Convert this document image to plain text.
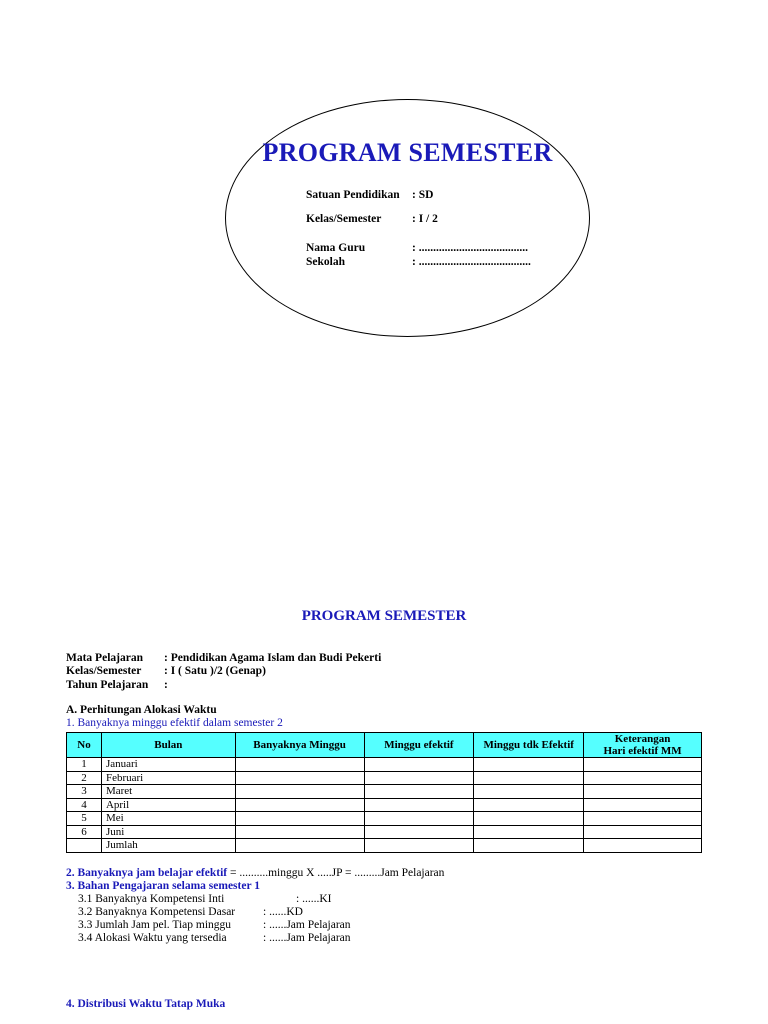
PROGRAM SEMESTER
Satuan Pendidikan : SD
Kelas/Semester	: I / 2
Nama Guru	: ......................................
Sekolah	: .......................................
PROGRAM SEMESTER
Mata Pelajaran : Pendidikan Agama Islam dan Budi Pekerti
Kelas/Semester : I ( Satu )/2 (Genap)
Tahun Pelajaran :
A. Perhitungan Alokasi Waktu
1. Banyaknya minggu efektif dalam semester 2
No	Bulan	Banyaknya Minggu	Minggu efektif	Minggu tdk Efektif	Keterangan
Hari efektif MM
1	Januari				
2	Februari				
3	Maret				
4	April				
5	Mei				
6	Juni				
	Jumlah				
2. Banyaknya jam belajar efektif = ..........minggu X .....JP = .........Jam Pelajaran
3. Bahan Pengajaran selama semester 1
3.1 Banyaknya Kompetensi Inti	: ......KI
3.2 Banyaknya Kompetensi Dasar : ......KD
3.3 Jumlah Jam pel. Tiap minggu	: ......Jam Pelajaran
3.4 Alokasi Waktu yang tersedia	: ......Jam Pelajaran
4. Distribusi Waktu Tatap Muka
